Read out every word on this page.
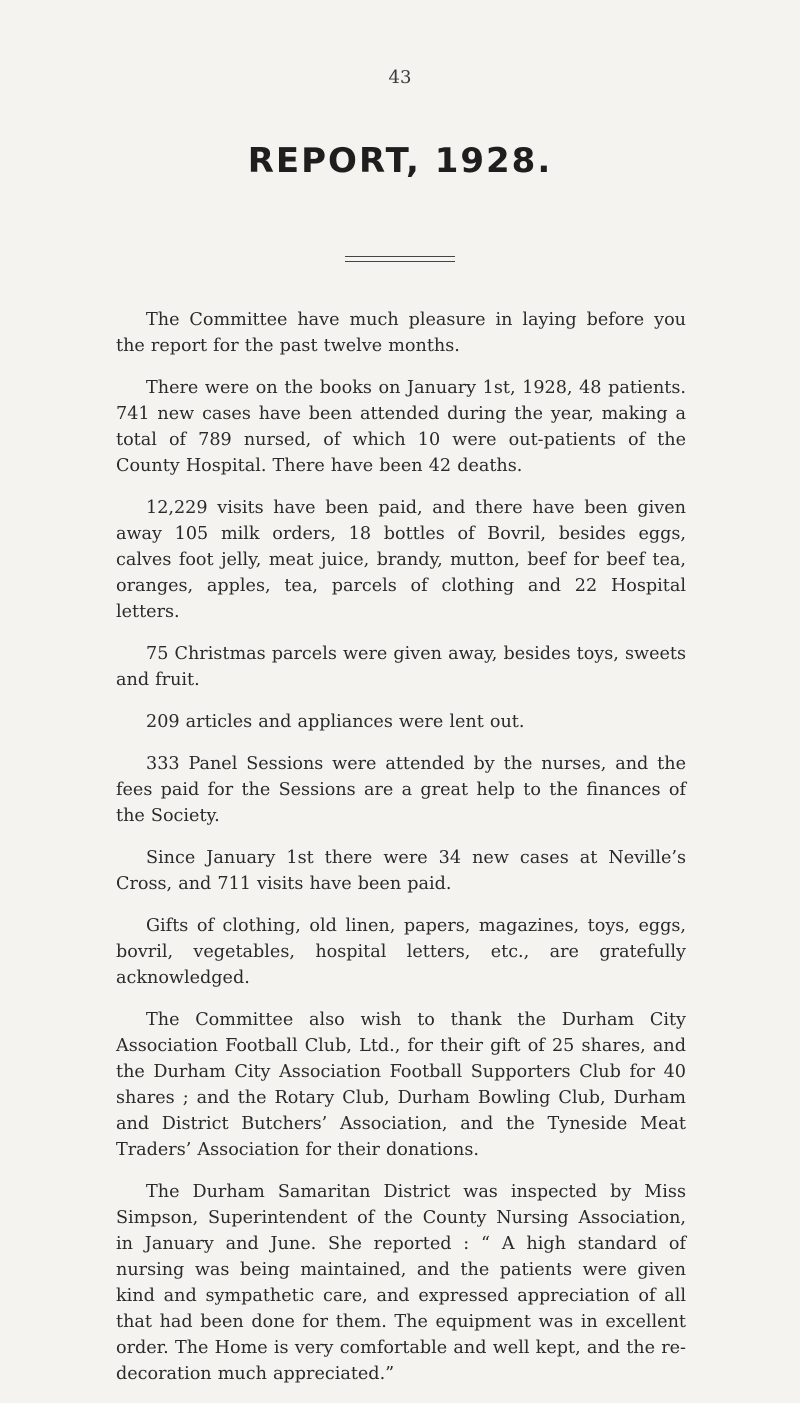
43
REPORT, 1928.

The Committee have much pleasure in laying before you the report for the past twelve months.

There were on the books on January 1st, 1928, 48 patients. 741 new cases have been attended during the year, making a total of 789 nursed, of which 10 were out-patients of the County Hospital. There have been 42 deaths.

12,229 visits have been paid, and there have been given away 105 milk orders, 18 bottles of Bovril, besides eggs, calves foot jelly, meat juice, brandy, mutton, beef for beef tea, oranges, apples, tea, parcels of clothing and 22 Hospital letters.

75 Christmas parcels were given away, besides toys, sweets and fruit.

209 articles and appliances were lent out.

333 Panel Sessions were attended by the nurses, and the fees paid for the Sessions are a great help to the finances of the Society.

Since January 1st there were 34 new cases at Neville’s Cross, and 711 visits have been paid.

Gifts of clothing, old linen, papers, magazines, toys, eggs, bovril, vegetables, hospital letters, etc., are gratefully acknowledged.

The Committee also wish to thank the Durham City Association Football Club, Ltd., for their gift of 25 shares, and the Durham City Association Football Supporters Club for 40 shares ; and the Rotary Club, Durham Bowling Club, Durham and District Butchers’ Association, and the Tyneside Meat Traders’ Association for their donations.

The Durham Samaritan District was inspected by Miss Simpson, Superintendent of the County Nursing Association, in January and June. She reported : “ A high standard of nursing was being maintained, and the patients were given kind and sympathetic care, and expressed appreciation of all that had been done for them. The equipment was in excellent order. The Home is very comfortable and well kept, and the re-decoration much appreciated.”
